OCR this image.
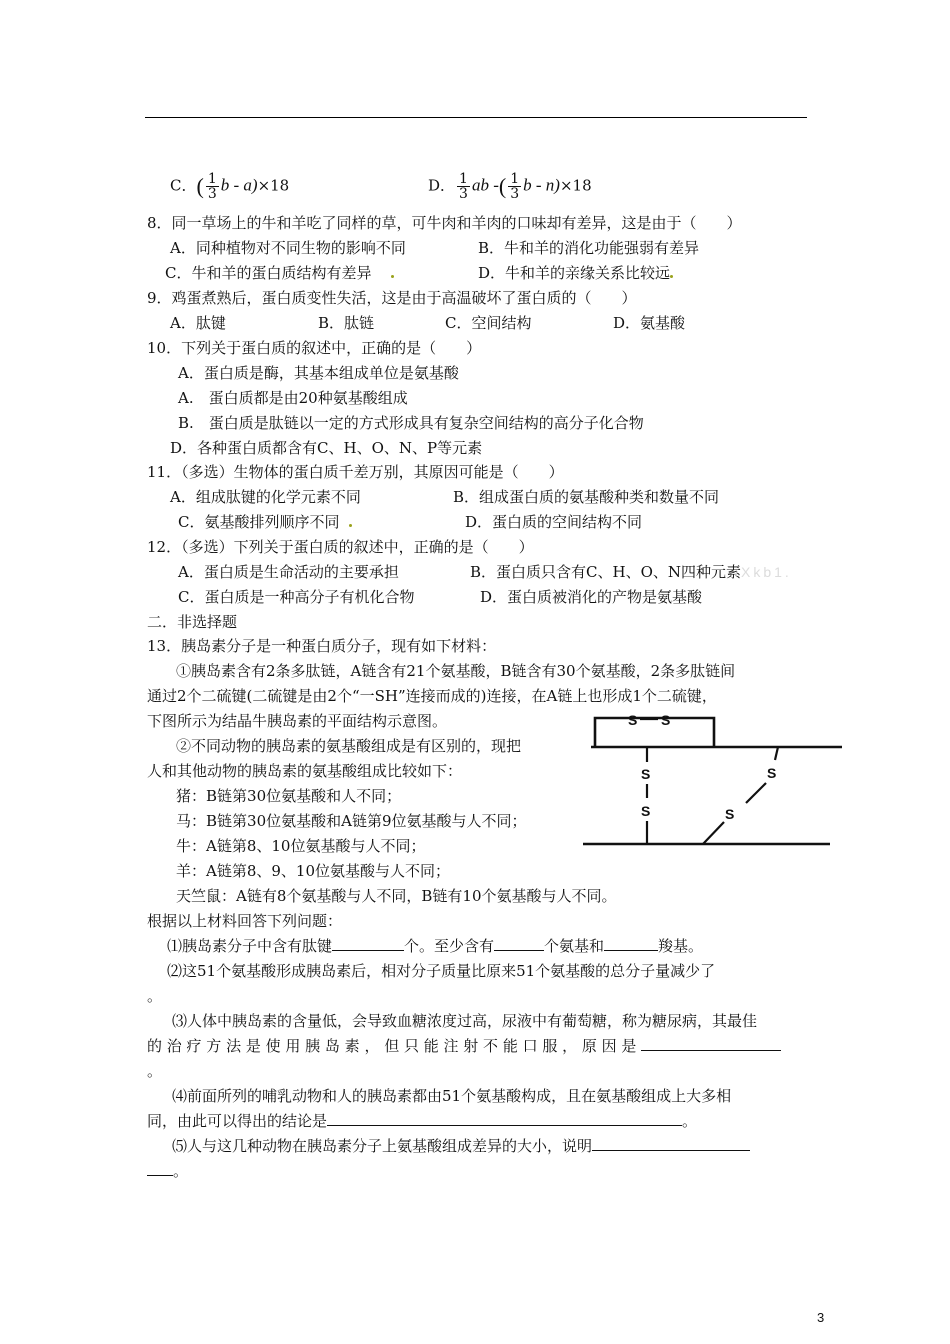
C．( $\frac{1}{3}$ b - a)×18	D． $\frac{1}{3}$ ab -( $\frac{1}{3}$ b - n)×18
8．同一草场上的牛和羊吃了同样的草，可牛肉和羊肉的口味却有差异，这是由于（　　）
A．同种植物对不同生物的影响不同	B．牛和羊的消化功能强弱有差异
C．牛和羊的蛋白质结构有差异	D．牛和羊的亲缘关系比较远
9．鸡蛋煮熟后，蛋白质变性失活，这是由于高温破坏了蛋白质的（　　）
A．肽键	B．肽链	C．空间结构	D．氨基酸
10．下列关于蛋白质的叙述中，正确的是（　　）
A．蛋白质是酶，其基本组成单位是氨基酸
A.　蛋白质都是由20种氨基酸组成
B.　蛋白质是肽链以一定的方式形成具有复杂空间结构的高分子化合物
D．各种蛋白质都含有C、H、O、N、P等元素
11．（多选）生物体的蛋白质千差万别，其原因可能是（　　）
A．组成肽键的化学元素不同	B．组成蛋白质的氨基酸种类和数量不同
C．氨基酸排列顺序不同	D．蛋白质的空间结构不同
12．（多选）下列关于蛋白质的叙述中，正确的是（　　）
A．蛋白质是生命活动的主要承担	B．蛋白质只含有C、H、O、N四种元素Xkb1.
C．蛋白质是一种高分子有机化合物	D．蛋白质被消化的产物是氨基酸
二．非选择题
13．胰岛素分子是一种蛋白质分子，现有如下材料：
①胰岛素含有2条多肽链，A链含有21个氨基酸，B链含有30个氨基酸，2条多肽链间
通过2个二硫键(二硫键是由2个“一SH”连接而成的)连接，在A链上也形成1个二硫键，
下图所示为结晶牛胰岛素的平面结构示意图。
②不同动物的胰岛素的氨基酸组成是有区别的，现把
人和其他动物的胰岛素的氨基酸组成比较如下：
猪：B链第30位氨基酸和人不同；
马：B链第30位氨基酸和A链第9位氨基酸与人不同；
牛：A链第8、10位氨基酸与人不同；
羊：A链第8、9、10位氨基酸与人不同；
天竺鼠：A链有8个氨基酸与人不同，B链有10个氨基酸与人不同。
根据以上材料回答下列问题：
⑴胰岛素分子中含有肽键	个。至少含有	个氨基和	羧基。
⑵这51个氨基酸形成胰岛素后，相对分子质量比原来51个氨基酸的总分子量减少了
。
⑶人体中胰岛素的含量低，会导致血糖浓度过高，尿液中有葡萄糖，称为糖尿病，其最佳
的 治 疗 方 法 是 使 用 胰 岛 素 ， 但 只 能 注 射 不 能 口 服 ， 原 因 是
。
⑷前面所列的哺乳动物和人的胰岛素都由51个氨基酸构成，且在氨基酸组成上大多相
同，由此可以得出的结论是	。
⑸人与这几种动物在胰岛素分子上氨基酸组成差异的大小，说明
。
S S
S
S
S
S
3
